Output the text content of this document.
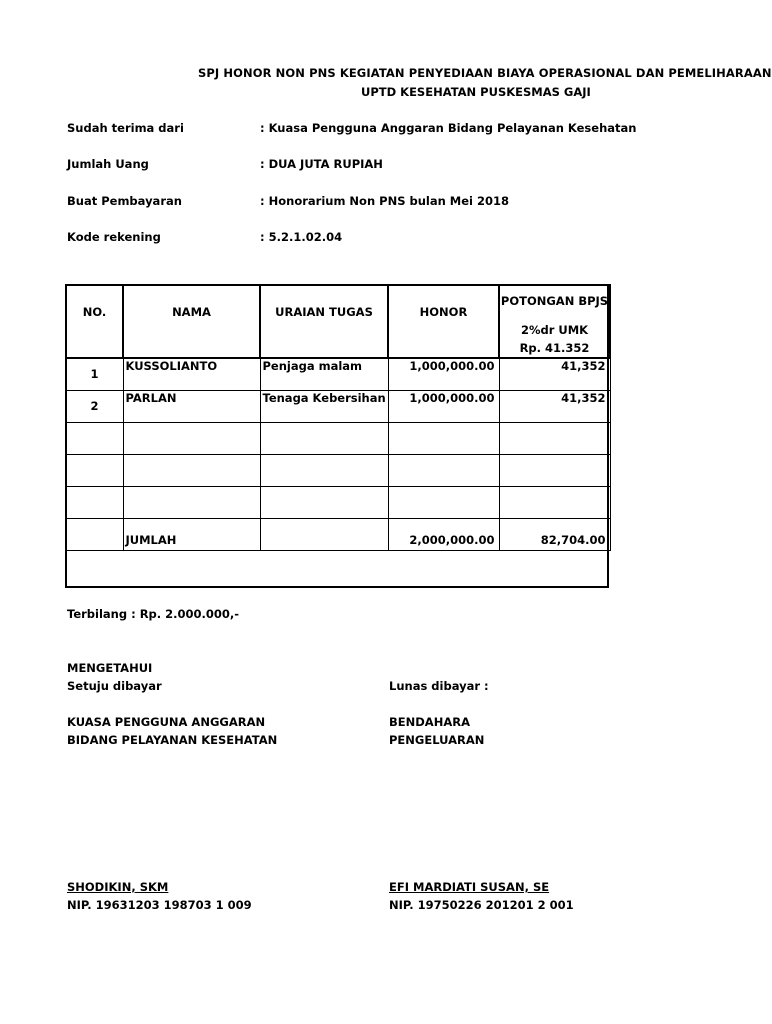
SPJ HONOR NON PNS KEGIATAN PENYEDIAAN BIAYA OPERASIONAL DAN PEMELIHARAAN
UPTD KESEHATAN PUSKESMAS GAJI
Sudah terima dari	: Kuasa Pengguna Anggaran Bidang Pelayanan Kesehatan
Jumlah Uang	: DUA JUTA RUPIAH
Buat Pembayaran	: Honorarium Non PNS bulan Mei 2018
Kode rekening	: 5.2.1.02.04
NO.	NAMA	URAIAN TUGAS	HONOR	POTONGAN BPJS
2%dr UMK
Rp. 41.352

1	KUSSOLIANTO	Penjaga malam	1,000,000.00	41,352

2	PARLAN	Tenaga Kebersihan	1,000,000.00	41,352

	JUMLAH		2,000,000.00	82,704.00
Terbilang : Rp. 2.000.000,-
MENGETAHUI
Setuju dibayar
KUASA PENGGUNA ANGGARAN
BIDANG PELAYANAN KESEHATAN
SHODIKIN, SKM
NIP. 19631203 198703 1 009
Lunas dibayar :
BENDAHARA
PENGELUARAN
EFI MARDIATI SUSAN, SE
NIP. 19750226 201201 2 001
